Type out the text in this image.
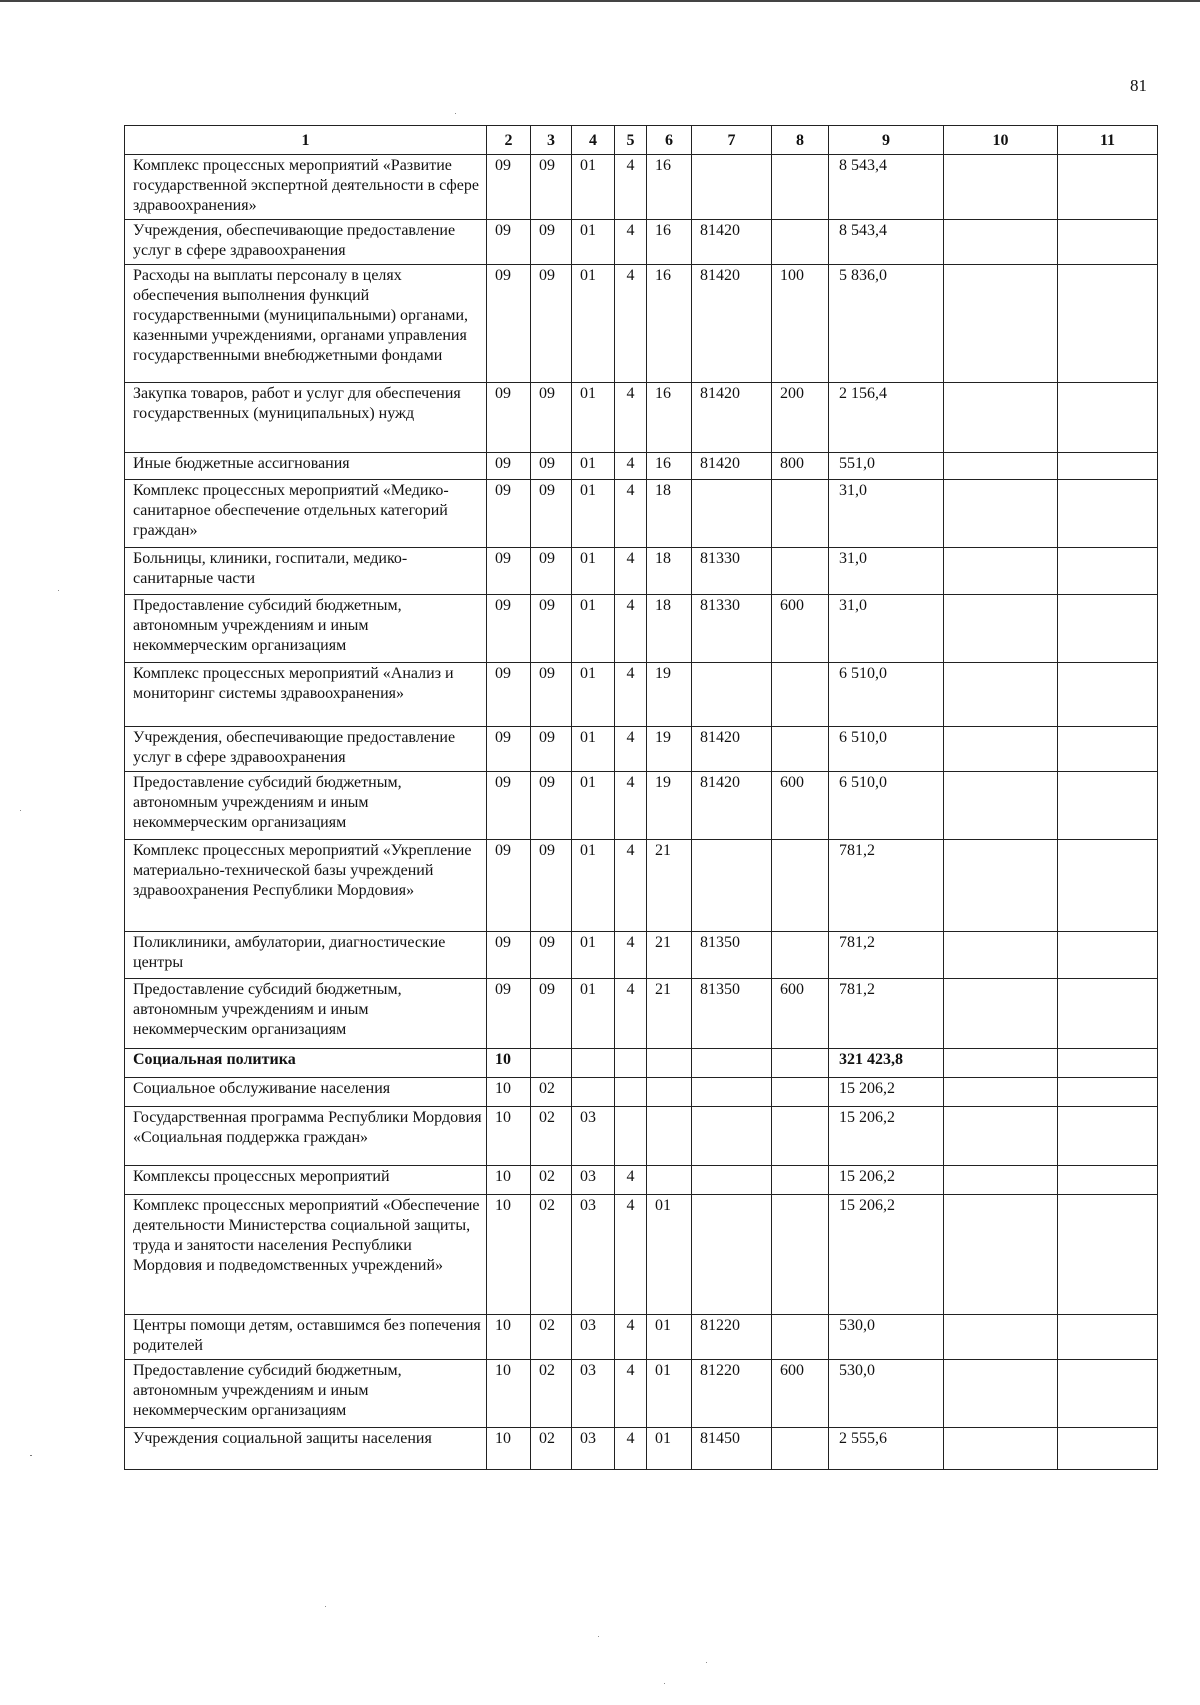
81
1	2	3	4	5	6	7	8	9	10	11
Комплекс процессных мероприятий «Развитие государственной экспертной деятельности в сфере здравоохранения»	09	09	01	4	16			8 543,4		
Учреждения, обеспечивающие предоставление услуг в сфере здравоохранения	09	09	01	4	16	81420		8 543,4		
Расходы на выплаты персоналу в целях обеспечения выполнения функций государственными (муниципальными) органами, казенными учреждениями, органами управления государственными внебюджетными фондами	09	09	01	4	16	81420	100	5 836,0		
Закупка товаров, работ и услуг для обеспечения государственных (муниципальных) нужд	09	09	01	4	16	81420	200	2 156,4		
Иные бюджетные ассигнования	09	09	01	4	16	81420	800	551,0		
Комплекс процессных мероприятий «Медико-санитарное обеспечение отдельных категорий граждан»	09	09	01	4	18			31,0		
Больницы, клиники, госпитали, медико-санитарные части	09	09	01	4	18	81330		31,0		
Предоставление субсидий бюджетным, автономным учреждениям и иным некоммерческим организациям	09	09	01	4	18	81330	600	31,0		
Комплекс процессных мероприятий «Анализ и мониторинг системы здравоохранения»	09	09	01	4	19			6 510,0		
Учреждения, обеспечивающие предоставление услуг в сфере здравоохранения	09	09	01	4	19	81420		6 510,0		
Предоставление субсидий бюджетным, автономным учреждениям и иным некоммерческим организациям	09	09	01	4	19	81420	600	6 510,0		
Комплекс процессных мероприятий «Укрепление материально-технической базы учреждений здравоохранения Республики Мордовия»	09	09	01	4	21			781,2		
Поликлиники, амбулатории, диагностические центры	09	09	01	4	21	81350		781,2		
Предоставление субсидий бюджетным, автономным учреждениям и иным некоммерческим организациям	09	09	01	4	21	81350	600	781,2		
Социальная политика	10							321 423,8		
Социальное обслуживание населения	10	02						15 206,2		
Государственная программа Республики Мордовия «Социальная поддержка граждан»	10	02	03					15 206,2		
Комплексы процессных мероприятий	10	02	03	4				15 206,2		
Комплекс процессных мероприятий «Обеспечение деятельности Министерства социальной защиты, труда и занятости населения Республики Мордовия и подведомственных учреждений»	10	02	03	4	01			15 206,2		
Центры помощи детям, оставшимся без попечения родителей	10	02	03	4	01	81220		530,0		
Предоставление субсидий бюджетным, автономным учреждениям и иным некоммерческим организациям	10	02	03	4	01	81220	600	530,0		
Учреждения социальной защиты населения	10	02	03	4	01	81450		2 555,6		
